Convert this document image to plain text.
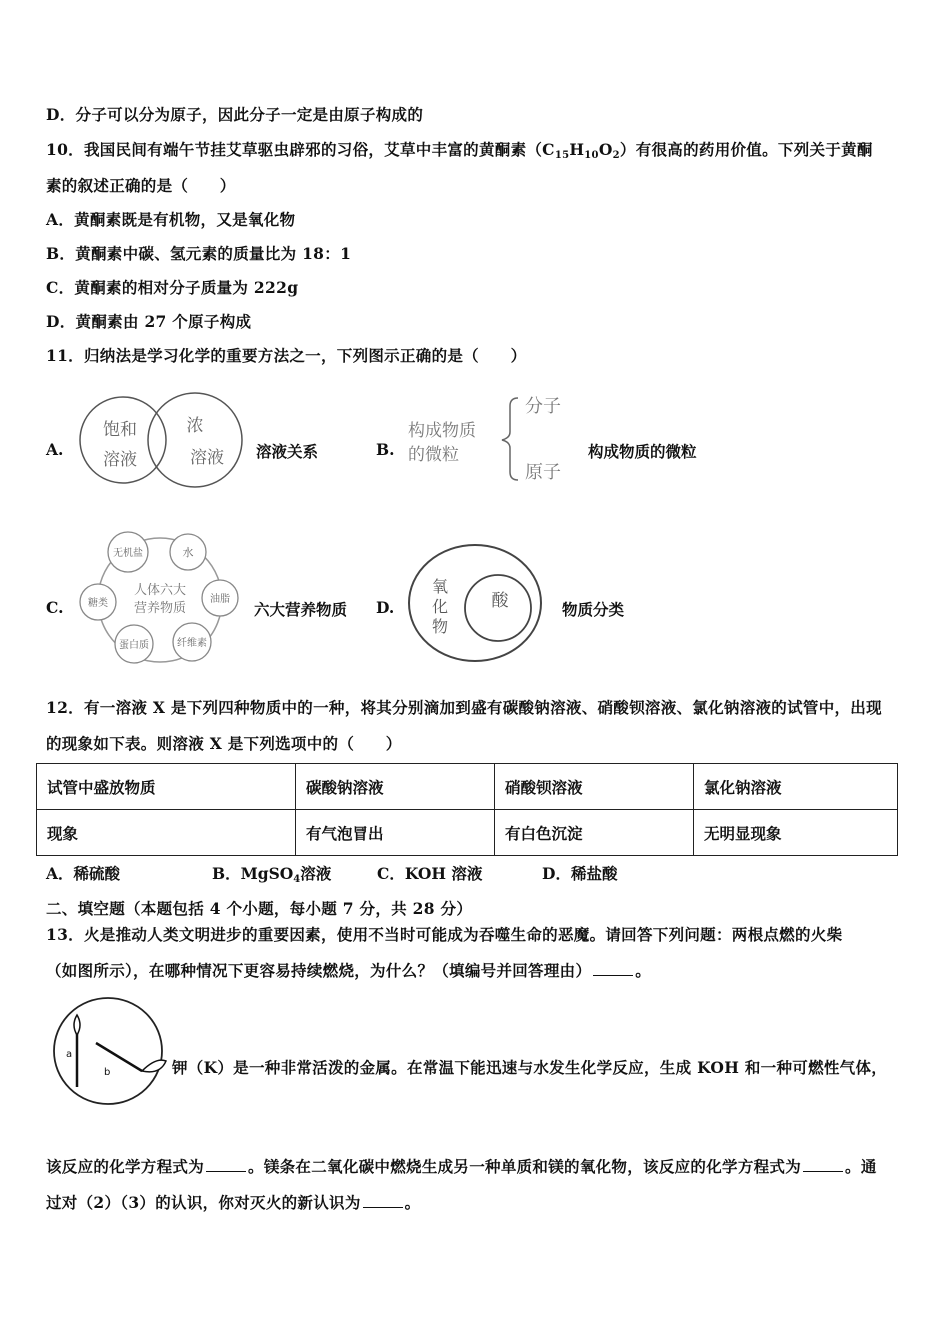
D．分子可以分为原子，因此分子一定是由原子构成的
10．我国民间有端午节挂艾草驱虫辟邪的习俗，艾草中丰富的黄酮素$(C_{15}H_{10}O_2)$有很高的药用价值。下列关于黄酮
素的叙述正确的是（　　）
A．黄酮素既是有机物，又是氧化物
B．黄酮素中碳、氢元素的质量比为 18：1
C．黄酮素的相对分子质量为 222g
D．黄酮素由 27 个原子构成
11．归纳法是学习化学的重要方法之一，下列图示正确的是（　　）
A.
饱和
溶液
浓
溶液 溶液关系	B.
构成物质
的微粒
分子
原子
构成物质的微粒
C.
人体六大
营养物质
无机盐	水
油脂
纤维素
蛋白质
糖类	六大营养物质 D.
氧
化
物
酸	物质分类
12．有一溶液 X 是下列四种物质中的一种，将其分别滴加到盛有碳酸钠溶液、硝酸钡溶液、氯化钠溶液的试管中，出现
的现象如下表。则溶液 X 是下列选项中的（　　）
试管中盛放物质	碳酸钠溶液	硝酸钡溶液	氯化钠溶液
现象	有气泡冒出	有白色沉淀	无明显现象
A．稀硫酸	B．MgSO$_4$溶液	C．KOH 溶液	D．稀盐酸
二、填空题（本题包括 4 个小题，每小题 7 分，共 28 分）
13．火是推动人类文明进步的重要因素，使用不当时可能成为吞噬生命的恶魔。请回答下列问题：两根点燃的火柴
（如图所示），在哪种情况下更容易持续燃烧，为什么？（填编号并回答理由）	。
a
b	钾（K）是一种非常活泼的金属。在常温下能迅速与水发生化学反应，生成 KOH 和一种可燃性气体，
该反应的化学方程式为	。镁条在二氧化碳中燃烧生成另一种单质和镁的氧化物，该反应的化学方程式为	。通
过对（2）（3）的认识，你对灭火的新认识为	。
